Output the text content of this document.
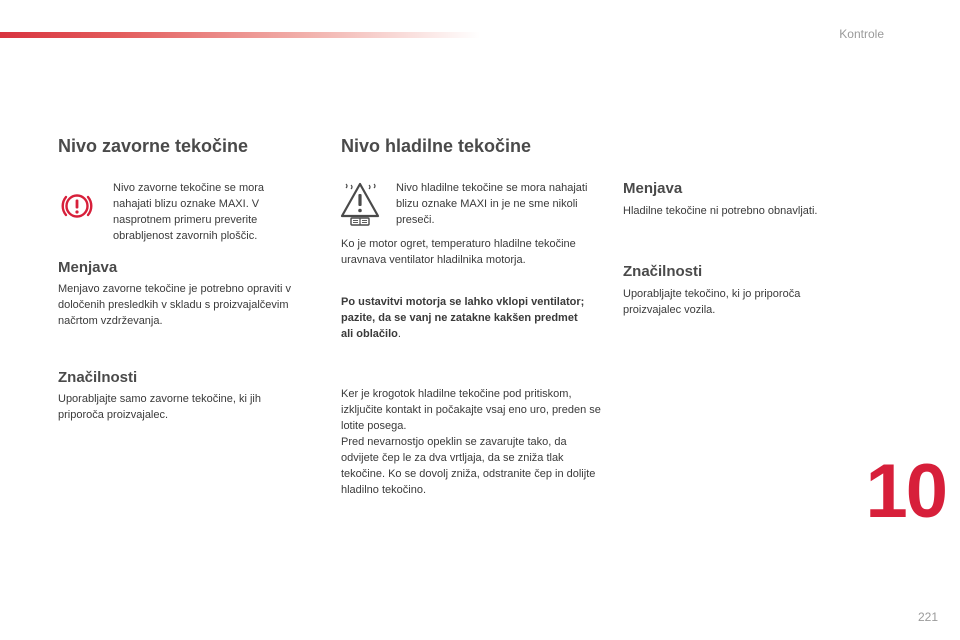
Kontrole
Nivo zavorne tekočine

Nivo zavorne tekočine se mora nahajati blizu oznake MAXI. V nasprotnem primeru preverite obrabljenost zavornih ploščic.

Menjava

Menjavo zavorne tekočine je potrebno opraviti v določenih presledkih v skladu s proizvajalčevim načrtom vzdrževanja.

Značilnosti

Uporabljajte samo zavorne tekočine, ki jih priporoča proizvajalec.

Nivo hladilne tekočine

Nivo hladilne tekočine se mora nahajati blizu oznake MAXI in je ne sme nikoli preseči.

Ko je motor ogret, temperaturo hladilne tekočine uravnava ventilator hladilnika motorja.

Po ustavitvi motorja se lahko vklopi ventilator; pazite, da se vanj ne zatakne kakšen predmet ali oblačilo.

Ker je krogotok hladilne tekočine pod pritiskom, izključite kontakt in počakajte vsaj eno uro, preden se lotite posega.

Pred nevarnostjo opeklin se zavarujte tako, da odvijete čep le za dva vrtljaja, da se zniža tlak tekočine. Ko se dovolj zniža, odstranite čep in dolijte hladilno tekočino.

Menjava

Hladilne tekočine ni potrebno obnavljati.

Značilnosti

Uporabljajte tekočino, ki jo priporoča proizvajalec vozila.

10
221
